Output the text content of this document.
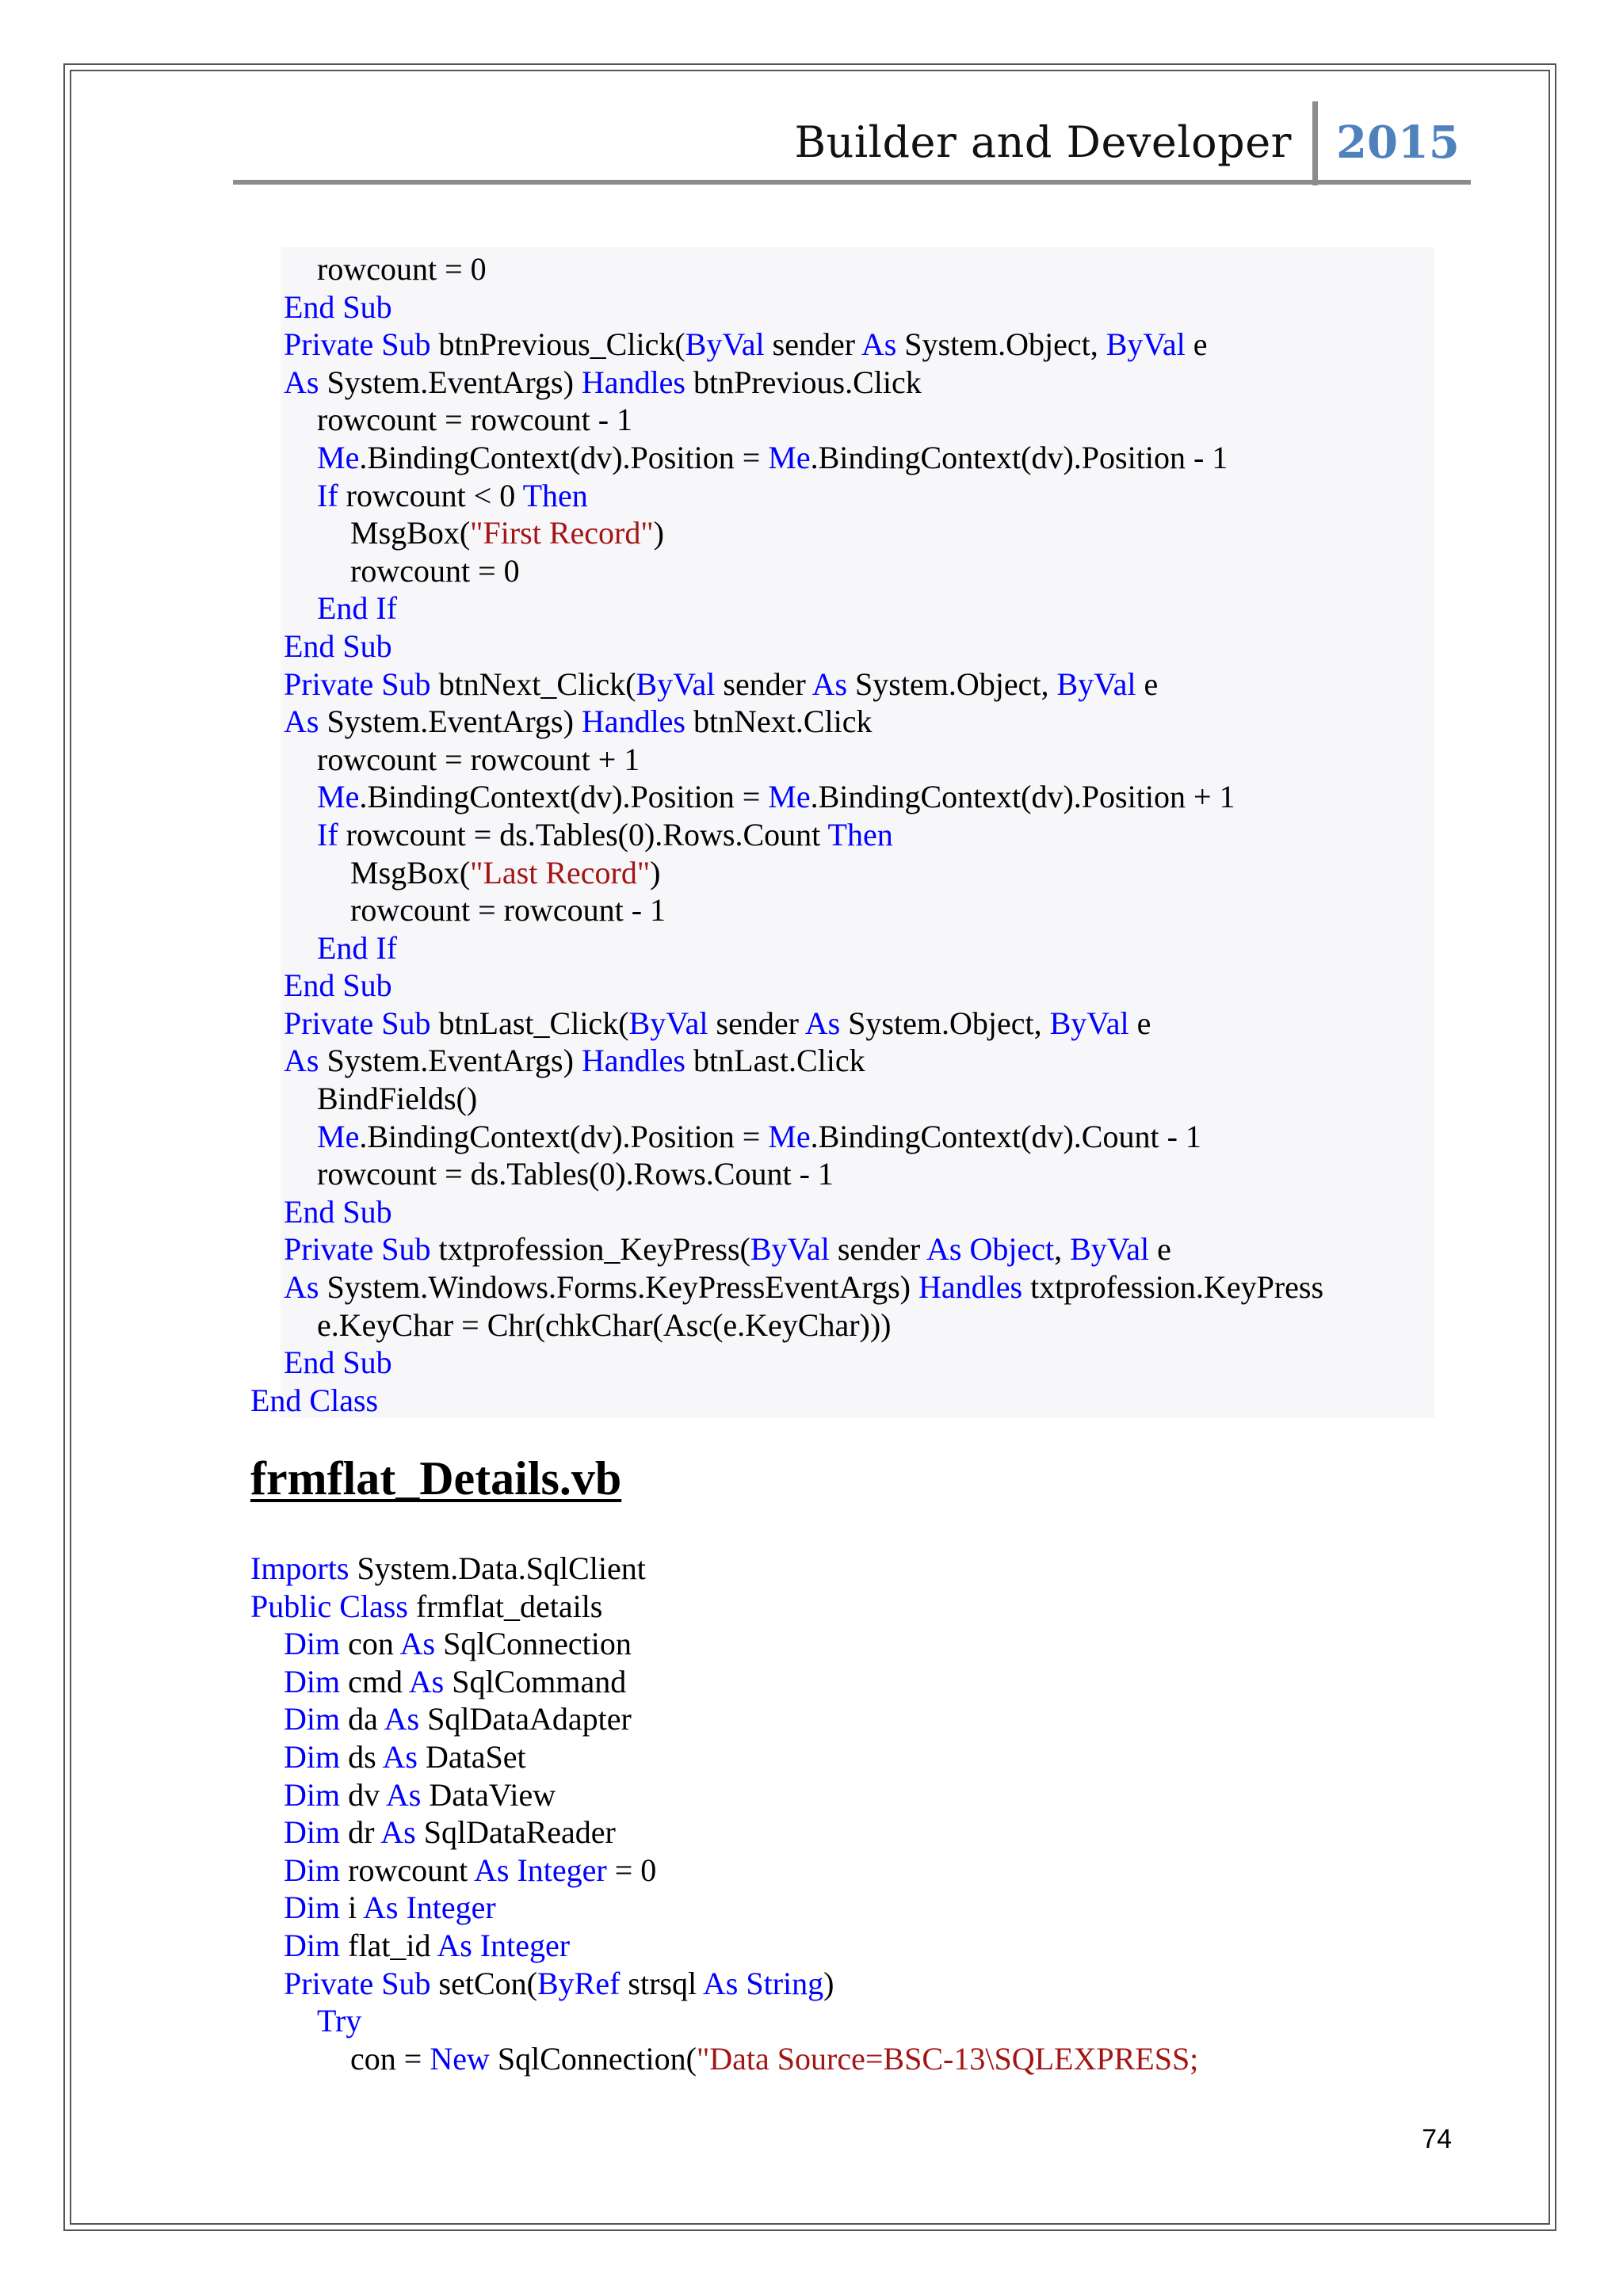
Builder and Developer 2015
rowcount = 0
End Sub
Private Sub btnPrevious_Click(ByVal sender As System.Object, ByVal e
As System.EventArgs) Handles btnPrevious.Click
rowcount = rowcount - 1
Me.BindingContext(dv).Position = Me.BindingContext(dv).Position - 1
If rowcount < 0 Then
MsgBox("First Record")
rowcount = 0
End If
End Sub
Private Sub btnNext_Click(ByVal sender As System.Object, ByVal e
As System.EventArgs) Handles btnNext.Click
rowcount = rowcount + 1
Me.BindingContext(dv).Position = Me.BindingContext(dv).Position + 1
If rowcount = ds.Tables(0).Rows.Count Then
MsgBox("Last Record")
rowcount = rowcount - 1
End If
End Sub
Private Sub btnLast_Click(ByVal sender As System.Object, ByVal e
As System.EventArgs) Handles btnLast.Click
BindFields()
Me.BindingContext(dv).Position = Me.BindingContext(dv).Count - 1
rowcount = ds.Tables(0).Rows.Count - 1
End Sub
Private Sub txtprofession_KeyPress(ByVal sender As Object, ByVal e
As System.Windows.Forms.KeyPressEventArgs) Handles txtprofession.KeyPress
e.KeyChar = Chr(chkChar(Asc(e.KeyChar)))
End Sub
End Class
frmflat_Details.vb
Imports System.Data.SqlClient
Public Class frmflat_details
Dim con As SqlConnection
Dim cmd As SqlCommand
Dim da As SqlDataAdapter
Dim ds As DataSet
Dim dv As DataView
Dim dr As SqlDataReader
Dim rowcount As Integer = 0
Dim i As Integer
Dim flat_id As Integer
Private Sub setCon(ByRef strsql As String)
Try
con = New SqlConnection("Data Source=BSC-13\SQLEXPRESS;
74
